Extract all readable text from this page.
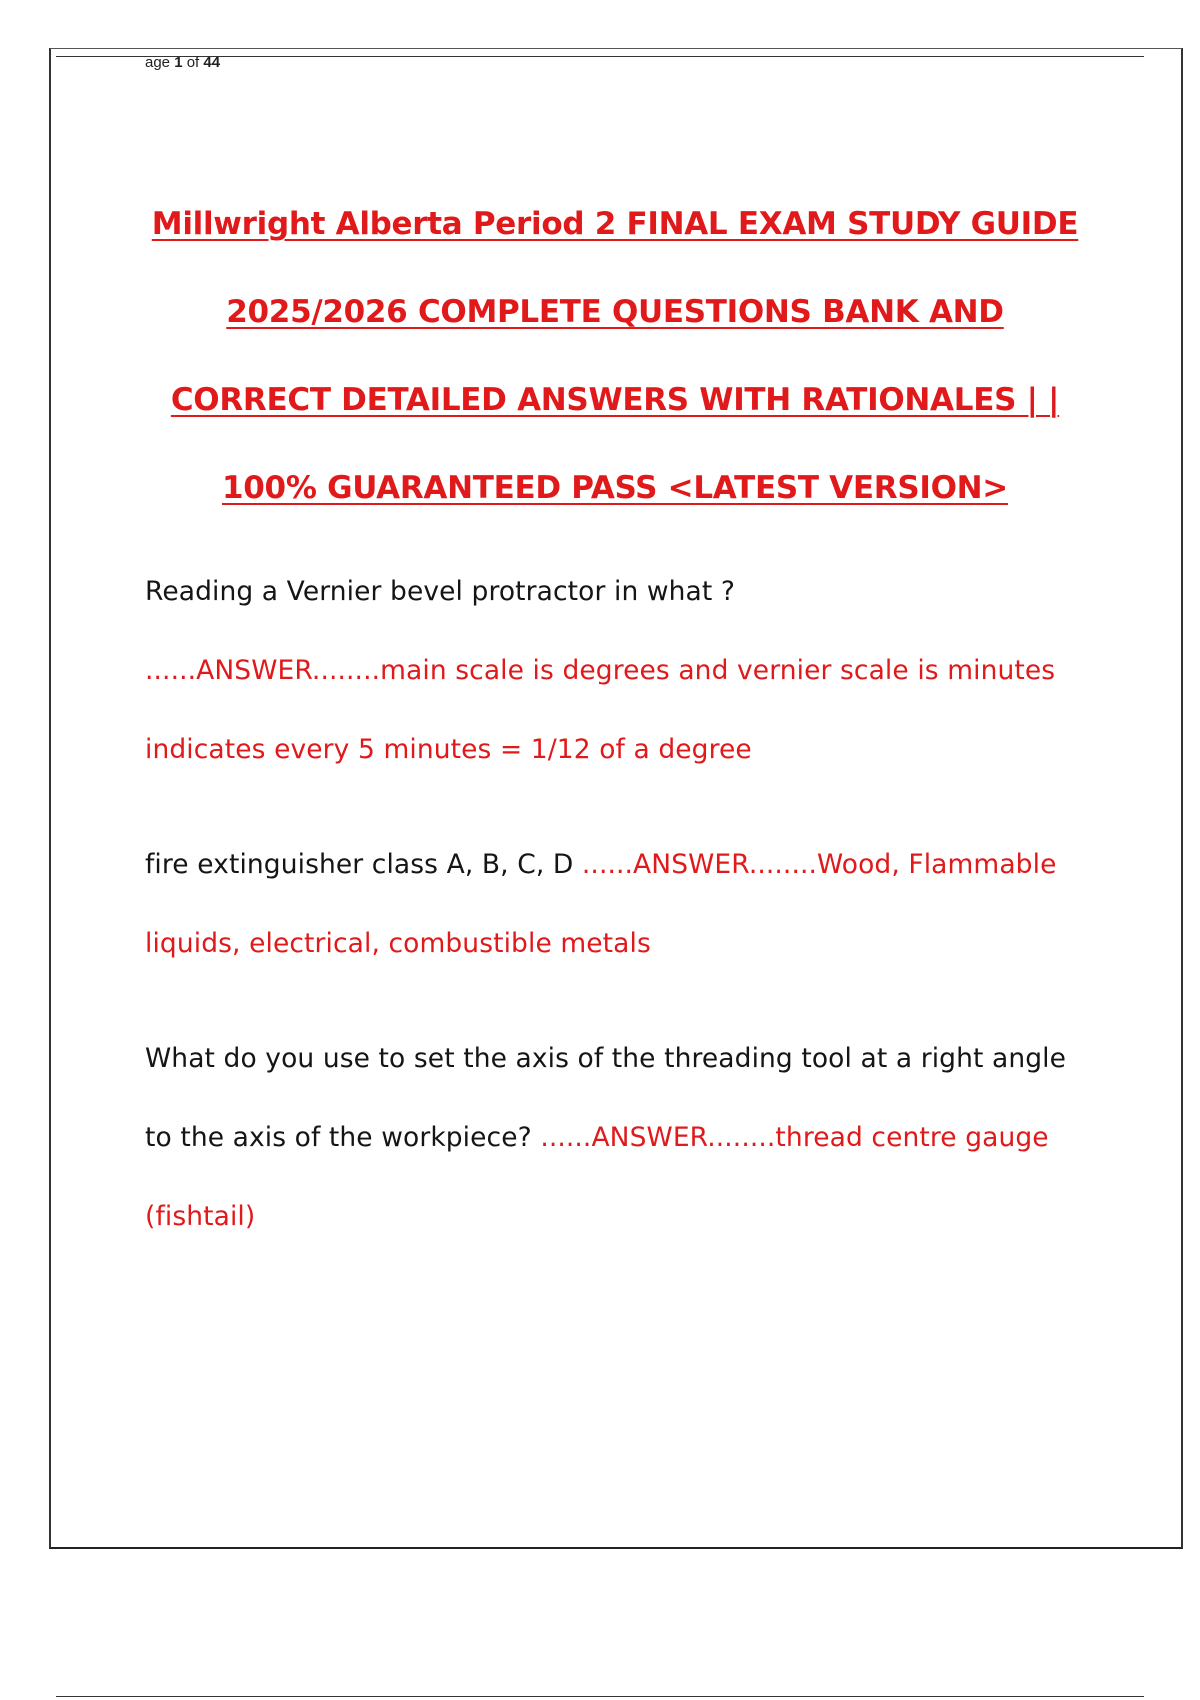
age 1 of 44
Millwright Alberta Period 2 FINAL EXAM STUDY GUIDE
2025/2026 COMPLETE QUESTIONS BANK AND
CORRECT DETAILED ANSWERS WITH RATIONALES | |
100% GUARANTEED PASS <LATEST VERSION>
Reading a Vernier bevel protractor in what ?
......ANSWER........main scale is degrees and vernier scale is minutes indicates every 5 minutes = 1/12 of a degree
fire extinguisher class A, B, C, D ......ANSWER........Wood, Flammable liquids, electrical, combustible metals
What do you use to set the axis of the threading tool at a right angle to the axis of the workpiece? ......ANSWER........thread centre gauge (fishtail)
